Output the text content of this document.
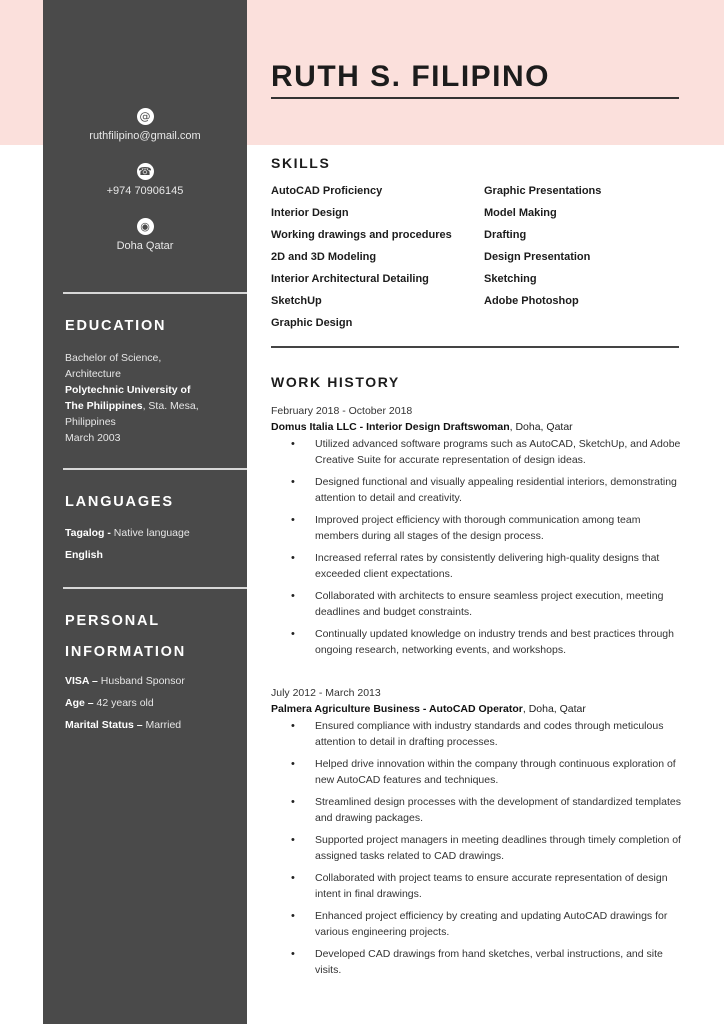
@
ruthfilipino@gmail.com
☎
+974 70906145
◉
Doha Qatar
EDUCATION
Bachelor of Science,
Architecture
Polytechnic University of
The Philippines, Sta. Mesa,
Philippines
March 2003
LANGUAGES
Tagalog - Native language
English
PERSONAL
INFORMATION
VISA – Husband Sponsor
Age – 42 years old
Marital Status – Married
RUTH S. FILIPINO
SKILLS
AutoCAD Proficiency
Interior Design
Working drawings and procedures
2D and 3D Modeling
Interior Architectural Detailing
SketchUp
Graphic Design
Graphic Presentations
Model Making
Drafting
Design Presentation
Sketching
Adobe Photoshop
WORK HISTORY
February 2018 - October 2018
Domus Italia LLC - Interior Design Draftswoman, Doha, Qatar
• Utilized advanced software programs such as AutoCAD, SketchUp, and Adobe Creative Suite for accurate representation of design ideas.
• Designed functional and visually appealing residential interiors, demonstrating attention to detail and creativity.
• Improved project efficiency with thorough communication among team members during all stages of the design process.
• Increased referral rates by consistently delivering high-quality designs that exceeded client expectations.
• Collaborated with architects to ensure seamless project execution, meeting deadlines and budget constraints.
• Continually updated knowledge on industry trends and best practices through ongoing research, networking events, and workshops.
July 2012 - March 2013
Palmera Agriculture Business - AutoCAD Operator, Doha, Qatar
• Ensured compliance with industry standards and codes through meticulous attention to detail in drafting processes.
• Helped drive innovation within the company through continuous exploration of new AutoCAD features and techniques.
• Streamlined design processes with the development of standardized templates and drawing packages.
• Supported project managers in meeting deadlines through timely completion of assigned tasks related to CAD drawings.
• Collaborated with project teams to ensure accurate representation of design intent in final drawings.
• Enhanced project efficiency by creating and updating AutoCAD drawings for various engineering projects.
• Developed CAD drawings from hand sketches, verbal instructions, and site visits.
